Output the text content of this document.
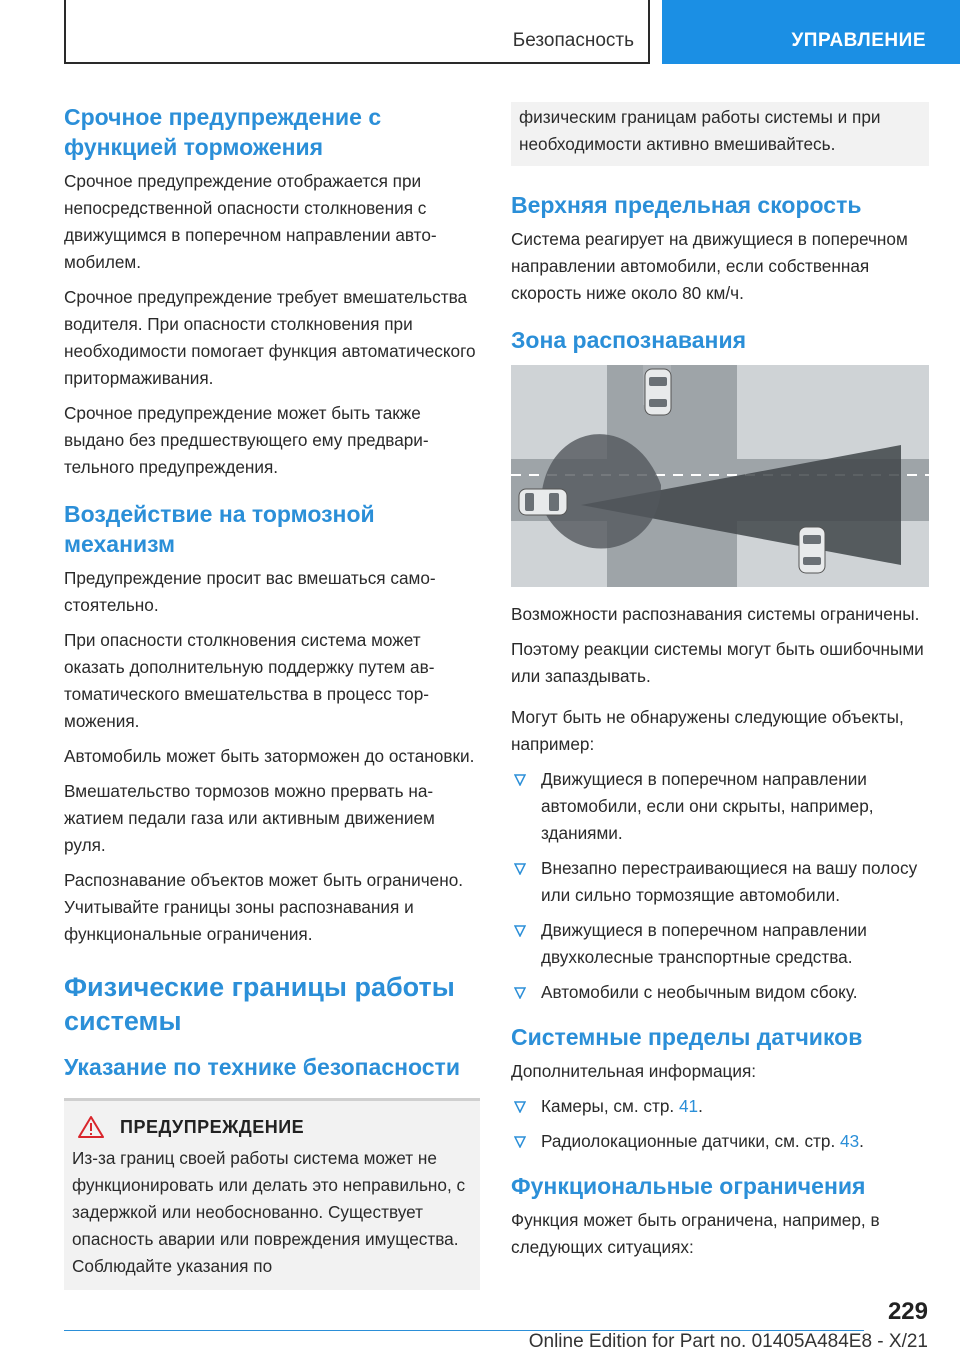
Безопасность	УПРАВЛЕНИЕ
Срочное предупреждение с функцией торможения

Срочное предупреждение отображается при непосредственной опасности столкновения с движущимся в поперечном направлении автомобилем.

Срочное предупреждение требует вмешательства водителя. При опасности столкновения при необходимости помогает функция автоматического притормаживания.

Срочное предупреждение может быть также выдано без предшествующего ему предварительного предупреждения.

Воздействие на тормозной механизм

Предупреждение просит вас вмешаться самостоятельно.

При опасности столкновения система может оказать дополнительную поддержку путем автоматического вмешательства в процесс торможения.

Автомобиль может быть заторможен до остановки.

Вмешательство тормозов можно прервать нажатием педали газа или активным движением руля.

Распознавание объектов может быть ограничено. Учитывайте границы зоны распознавания и функциональные ограничения.

Физические границы работы системы
Указание по технике безопасности
ПРЕДУПРЕЖДЕНИЕ

Из-за границ своей работы система может не функционировать или делать это неправильно, с задержкой или необоснованно. Существует опасность аварии или повреждения имущества. Соблюдайте указания по

физическим границам работы системы и при необходимости активно вмешивайтесь.

Верхняя предельная скорость

Система реагирует на движущиеся в поперечном направлении автомобили, если собственная скорость ниже около 80 км/ч.

Зона распознавания

Возможности распознавания системы ограничены.

Поэтому реакции системы могут быть ошибочными или запаздывать.

Могут быть не обнаружены следующие объекты, например:

Движущиеся в поперечном направлении автомобили, если они скрыты, например, зданиями.
Внезапно перестраивающиеся на вашу полосу или сильно тормозящие автомобили.
Движущиеся в поперечном направлении двухколесные транспортные средства.
Автомобили с необычным видом сбоку.
Системные пределы датчиков

Дополнительная информация:

Камеры, см. стр. 41.
Радиолокационные датчики, см. стр. 43.
Функциональные ограничения

Функция может быть ограничена, например, в следующих ситуациях:

229
Online Edition for Part no. 01405A484E8 - X/21
